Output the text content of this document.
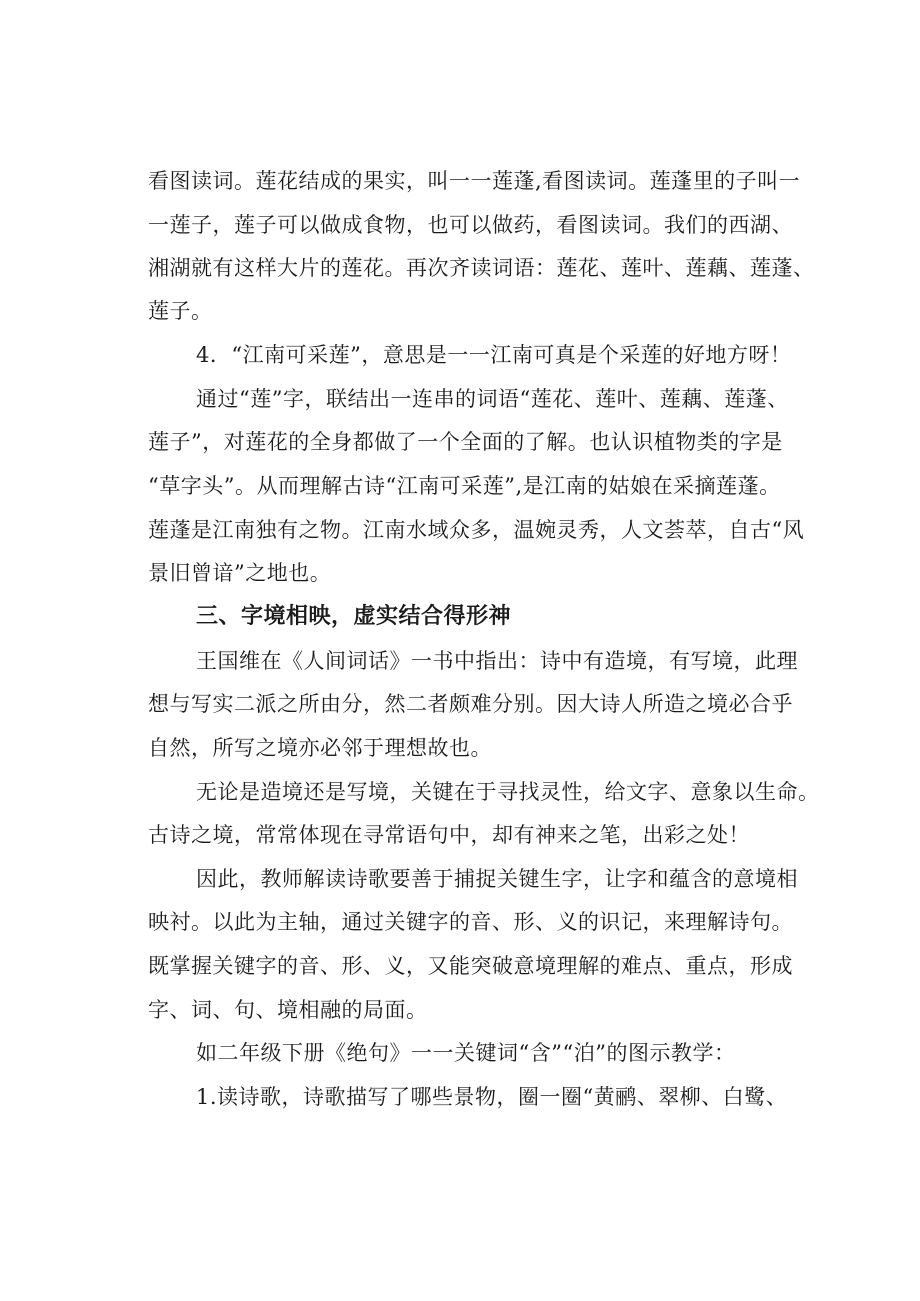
看图读词。莲花结成的果实，叫一一莲蓬,看图读词。莲蓬里的子叫一
一莲子，莲子可以做成食物，也可以做药，看图读词。我们的西湖、
湘湖就有这样大片的莲花。再次齐读词语：莲花、莲叶、莲藕、莲蓬、
莲子。
4．“江南可采莲”，意思是一一江南可真是个采莲的好地方呀！
通过“莲”字，联结出一连串的词语“莲花、莲叶、莲藕、莲蓬、
莲子”，对莲花的全身都做了一个全面的了解。也认识植物类的字是
“草字头”。从而理解古诗“江南可采莲”,是江南的姑娘在采摘莲蓬。
莲蓬是江南独有之物。江南水域众多，温婉灵秀，人文荟萃，自古“风
景旧曾谙”之地也。
三、字境相映，虚实结合得形神
王国维在《人间词话》一书中指出：诗中有造境，有写境，此理
想与写实二派之所由分，然二者颇难分别。因大诗人所造之境必合乎
自然，所写之境亦必邻于理想故也。
无论是造境还是写境，关键在于寻找灵性，给文字、意象以生命。
古诗之境，常常体现在寻常语句中，却有神来之笔，出彩之处！
因此，教师解读诗歌要善于捕捉关键生字，让字和蕴含的意境相
映衬。以此为主轴，通过关键字的音、形、义的识记，来理解诗句。
既掌握关键字的音、形、义，又能突破意境理解的难点、重点，形成
字、词、句、境相融的局面。
如二年级下册《绝句》一一关键词“含”“泊”的图示教学：
1.读诗歌，诗歌描写了哪些景物，圈一圈“黄鹂、翠柳、白鹭、
